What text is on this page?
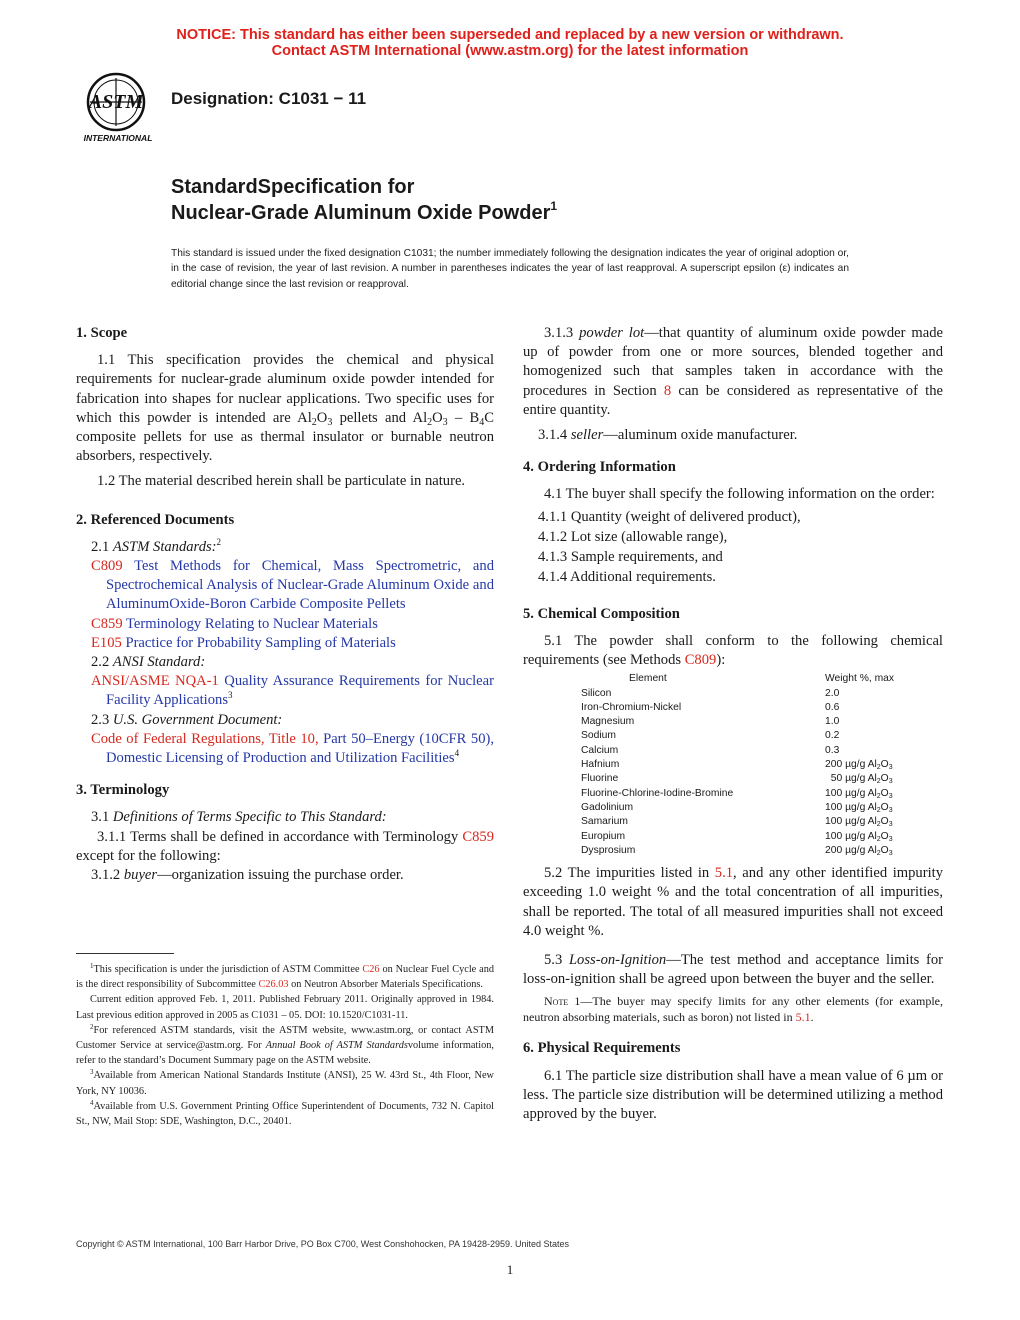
NOTICE: This standard has either been superseded and replaced by a new version or withdrawn.
Contact ASTM International (www.astm.org) for the latest information
ASTM
INTERNATIONAL
Designation: C1031 − 11
StandardSpecification for
Nuclear-Grade Aluminum Oxide Powder$^1$
This standard is issued under the fixed designation C1031; the number immediately following the designation indicates the year of original adoption or, in the case of revision, the year of last revision. A number in parentheses indicates the year of last reapproval. A superscript epsilon (ε) indicates an editorial change since the last revision or reapproval.
1. Scope

1.1 This specification provides the chemical and physical requirements for nuclear-grade aluminum oxide powder intended for fabrication into shapes for nuclear applications. Two specific uses for which this powder is intended are $Al_2O_3$ pellets and $Al_2O_3 - B_4C$ composite pellets for use as thermal insulator or burnable neutron absorbers, respectively.

1.2 The material described herein shall be particulate in nature.

2. Referenced Documents

2.1 ASTM Standards:$^2$

C809 Test Methods for Chemical, Mass Spectrometric, and Spectrochemical Analysis of Nuclear-Grade Aluminum Oxide and AluminumOxide-Boron Carbide Composite Pellets

C859 Terminology Relating to Nuclear Materials

E105 Practice for Probability Sampling of Materials

2.2 ANSI Standard:

ANSI/ASME NQA-1 Quality Assurance Requirements for Nuclear Facility Applications$^3$

2.3 U.S. Government Document:

Code of Federal Regulations, Title 10, Part 50–Energy (10CFR 50), Domestic Licensing of Production and Utilization Facilities$^4$

3. Terminology

3.1 Definitions of Terms Specific to This Standard:

3.1.1 Terms shall be defined in accordance with Terminology C859 except for the following:

3.1.2 buyer—organization issuing the purchase order.

3.1.3 powder lot—that quantity of aluminum oxide powder made up of powder from one or more sources, blended together and homogenized such that samples taken in accordance with the procedures in Section 8 can be considered as representative of the entire quantity.

3.1.4 seller—aluminum oxide manufacturer.

4. Ordering Information

4.1 The buyer shall specify the following information on the order:

4.1.1 Quantity (weight of delivered product),

4.1.2 Lot size (allowable range),

4.1.3 Sample requirements, and

4.1.4 Additional requirements.

5. Chemical Composition

5.1 The powder shall conform to the following chemical requirements (see Methods C809):

Element	Weight %, max
Silicon	2.0
Iron-Chromium-Nickel	0.6
Magnesium	1.0
Sodium	0.2
Calcium	0.3
Hafnium	200 µg/g $Al_2O_3$
Fluorine	50 µg/g $Al_2O_3$
Fluorine-Chlorine-Iodine-Bromine	100 µg/g $Al_2O_3$
Gadolinium	100 µg/g $Al_2O_3$
Samarium	100 µg/g $Al_2O_3$
Europium	100 µg/g $Al_2O_3$
Dysprosium	200 µg/g $Al_2O_3$

5.2 The impurities listed in 5.1, and any other identified impurity exceeding 1.0 weight % and the total concentration of all impurities, shall be reported. The total of all measured impurities shall not exceed 4.0 weight %.

5.3 Loss-on-Ignition—The test method and acceptance limits for loss-on-ignition shall be agreed upon between the buyer and the seller.

Note 1—The buyer may specify limits for any other elements (for example, neutron absorbing materials, such as boron) not listed in 5.1.

6. Physical Requirements

6.1 The particle size distribution shall have a mean value of 6 µm or less. The particle size distribution will be determined utilizing a method approved by the buyer.

$^1$This specification is under the jurisdiction of ASTM Committee C26 on Nuclear Fuel Cycle and is the direct responsibility of Subcommittee C26.03 on Neutron Absorber Materials Specifications.

Current edition approved Feb. 1, 2011. Published February 2011. Originally approved in 1984. Last previous edition approved in 2005 as C1031 – 05. DOI: 10.1520/C1031-11.

$^2$For referenced ASTM standards, visit the ASTM website, www.astm.org, or contact ASTM Customer Service at service@astm.org. For Annual Book of ASTM Standardsvolume information, refer to the standard’s Document Summary page on the ASTM website.

$^3$Available from American National Standards Institute (ANSI), 25 W. 43rd St., 4th Floor, New York, NY 10036.

$^4$Available from U.S. Government Printing Office Superintendent of Documents, 732 N. Capitol St., NW, Mail Stop: SDE, Washington, D.C., 20401.

Copyright © ASTM International, 100 Barr Harbor Drive, PO Box C700, West Conshohocken, PA 19428-2959. United States
1
